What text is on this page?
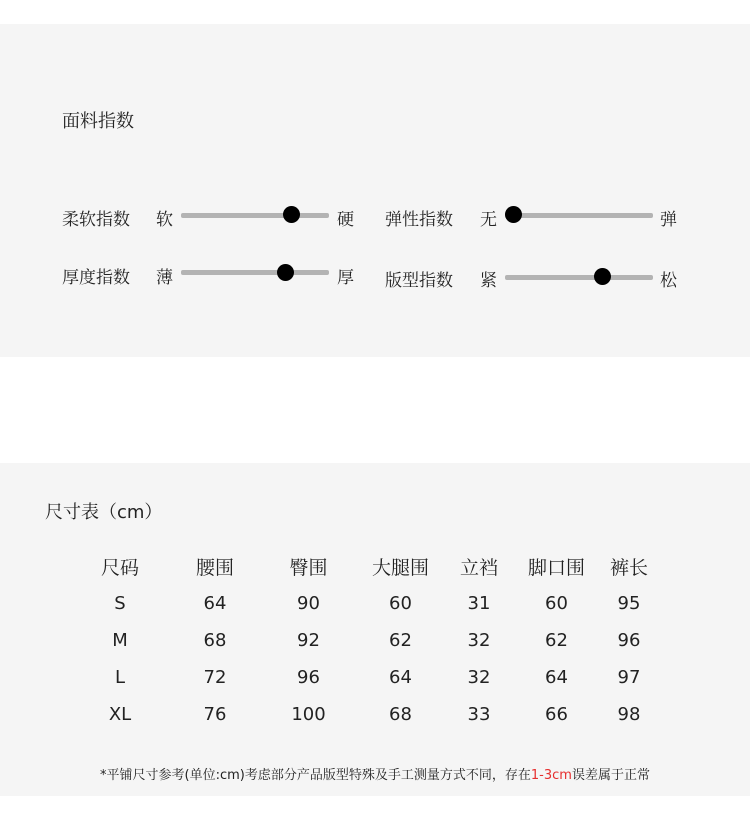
面料指数
柔软指数 软	硬 弹性指数 无	弹
厚度指数 薄	厚 版型指数 紧	松
尺寸表（cm）
尺码	腰围	臀围	大腿围	立裆	脚口围	裤长
S	64	90	60	31	60	95
M	68	92	62	32	62	96
L	72	96	64	32	64	97
XL	76	100	68	33	66	98
*平铺尺寸参考(单位:cm)考虑部分产品版型特殊及手工测量方式不同，存在1-3cm误差属于正常
